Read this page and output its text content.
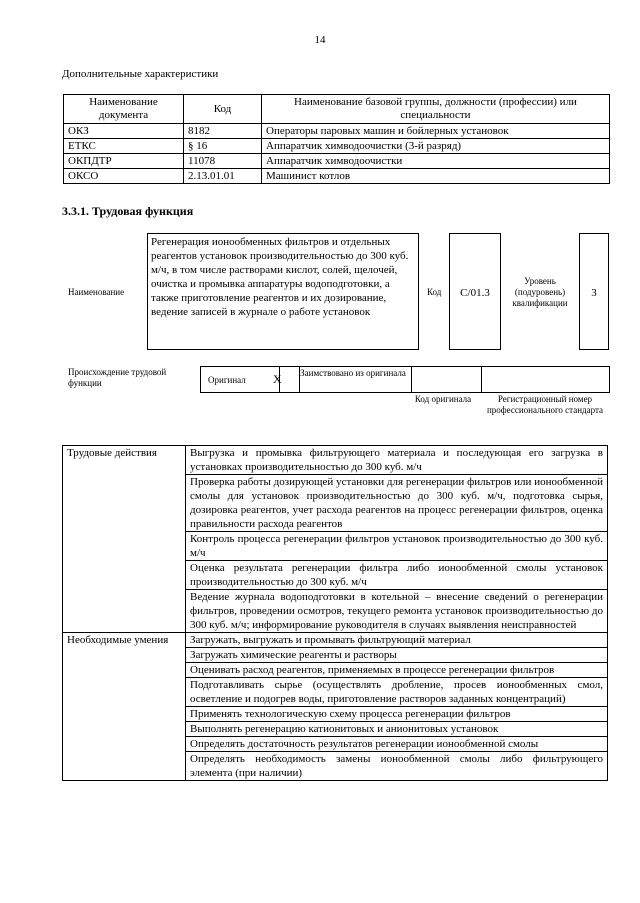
14
Дополнительные характеристики
Наименование документа	Код	Наименование базовой группы, должности (профессии) или специальности
ОКЗ	8182	Операторы паровых машин и бойлерных установок
ЕТКС	§ 16	Аппаратчик химводоочистки (3-й разряд)
ОКПДТР	11078	Аппаратчик химводоочистки
ОКСО	2.13.01.01	Машинист котлов
3.3.1. Трудовая функция
Наименование
Регенерация ионообменных фильтров и отдельных реагентов установок производительностью до 300 куб. м/ч, в том числе растворами кислот, солей, щелочей, очистка и промывка аппаратуры водоподготовки, а также приготовление реагентов и их дозирование, ведение записей в журнале о работе установок
Код	C/01.3
Уровень (подуровень) квалификации
3
Происхождение трудовой функции	Оригинал X Заимствовано из оригинала
Код оригинала	Регистрационный номер профессионального стандарта
Трудовые действия	Выгрузка и промывка фильтрующего материала и последующая его загрузка в установках производительностью до 300 куб. м/ч
	Проверка работы дозирующей установки для регенерации фильтров или ионообменной смолы для установок производительностью до 300 куб. м/ч, подготовка сырья, дозировка реагентов, учет расхода реагентов на процесс регенерации фильтров, оценка правильности расхода реагентов
	Контроль процесса регенерации фильтров установок производительностью до 300 куб. м/ч
	Оценка результата регенерации фильтра либо ионообменной смолы установок производительностью до 300 куб. м/ч
	Ведение журнала водоподготовки в котельной – внесение сведений о регенерации фильтров, проведении осмотров, текущего ремонта установок производительностью до 300 куб. м/ч; информирование руководителя в случаях выявления неисправностей
Необходимые умения	Загружать, выгружать и промывать фильтрующий материал
	Загружать химические реагенты и растворы
	Оценивать расход реагентов, применяемых в процессе регенерации фильтров
	Подготавливать сырье (осуществлять дробление, просев ионообменных смол, осветление и подогрев воды, приготовление растворов заданных концентраций)
	Применять технологическую схему процесса регенерации фильтров
	Выполнять регенерацию катионитовых и анионитовых установок
	Определять достаточность результатов регенерации ионообменной смолы
	Определять необходимость замены ионообменной смолы либо фильтрующего элемента (при наличии)
